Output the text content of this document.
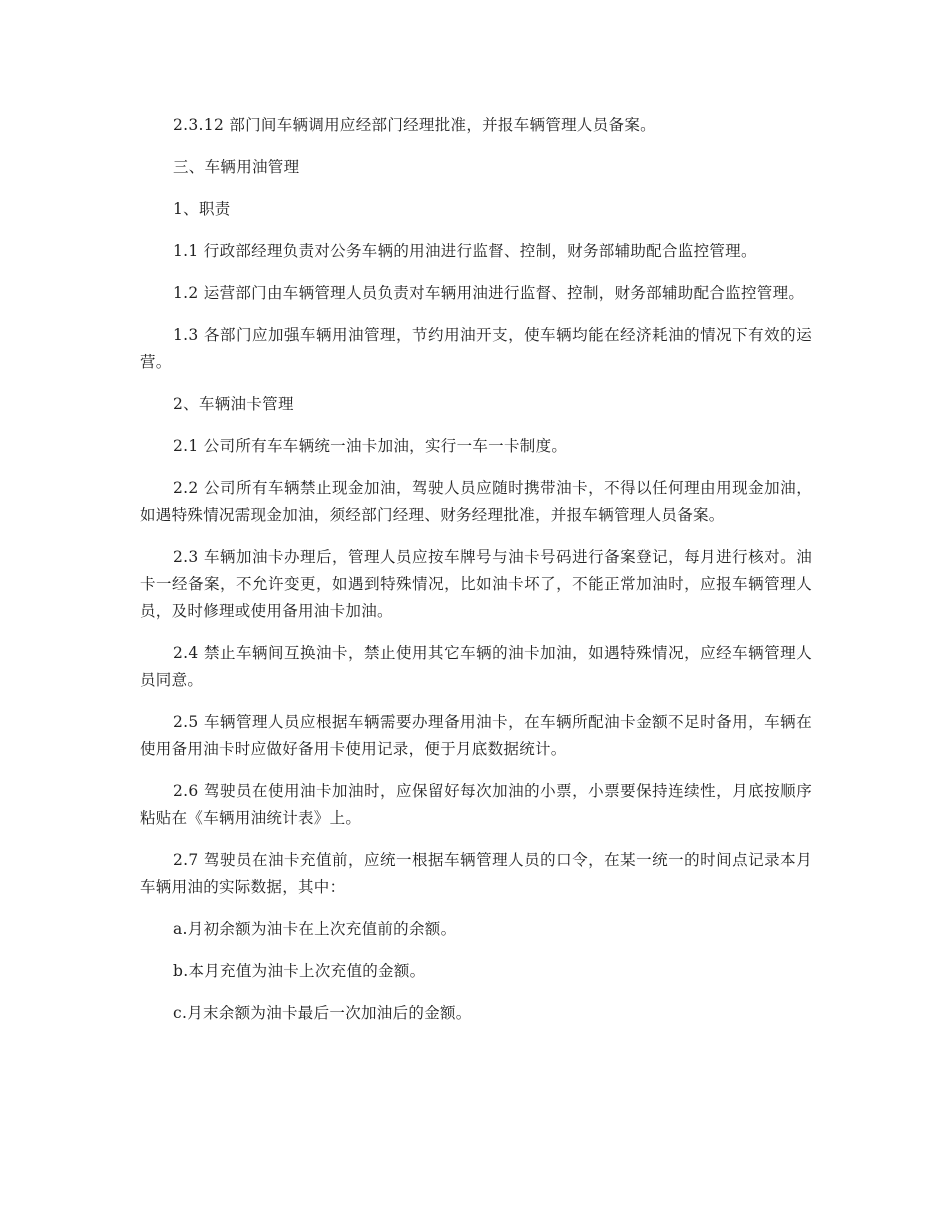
2.3.12 部门间车辆调用应经部门经理批准，并报车辆管理人员备案。

三、车辆用油管理

1、职责

1.1 行政部经理负责对公务车辆的用油进行监督、控制，财务部辅助配合监控管理。

1.2 运营部门由车辆管理人员负责对车辆用油进行监督、控制，财务部辅助配合监控管理。

1.3 各部门应加强车辆用油管理，节约用油开支，使车辆均能在经济耗油的情况下有效的运营。

2、车辆油卡管理

2.1 公司所有车车辆统一油卡加油，实行一车一卡制度。

2.2 公司所有车辆禁止现金加油，驾驶人员应随时携带油卡，不得以任何理由用现金加油，如遇特殊情况需现金加油，须经部门经理、财务经理批准，并报车辆管理人员备案。

2.3 车辆加油卡办理后，管理人员应按车牌号与油卡号码进行备案登记，每月进行核对。油卡一经备案，不允许变更，如遇到特殊情况，比如油卡坏了，不能正常加油时，应报车辆管理人员，及时修理或使用备用油卡加油。

2.4 禁止车辆间互换油卡，禁止使用其它车辆的油卡加油，如遇特殊情况，应经车辆管理人员同意。

2.5 车辆管理人员应根据车辆需要办理备用油卡，在车辆所配油卡金额不足时备用，车辆在使用备用油卡时应做好备用卡使用记录，便于月底数据统计。

2.6 驾驶员在使用油卡加油时，应保留好每次加油的小票，小票要保持连续性，月底按顺序粘贴在《车辆用油统计表》上。

2.7 驾驶员在油卡充值前，应统一根据车辆管理人员的口令，在某一统一的时间点记录本月车辆用油的实际数据，其中：

a.月初余额为油卡在上次充值前的余额。

b.本月充值为油卡上次充值的金额。

c.月末余额为油卡最后一次加油后的金额。
